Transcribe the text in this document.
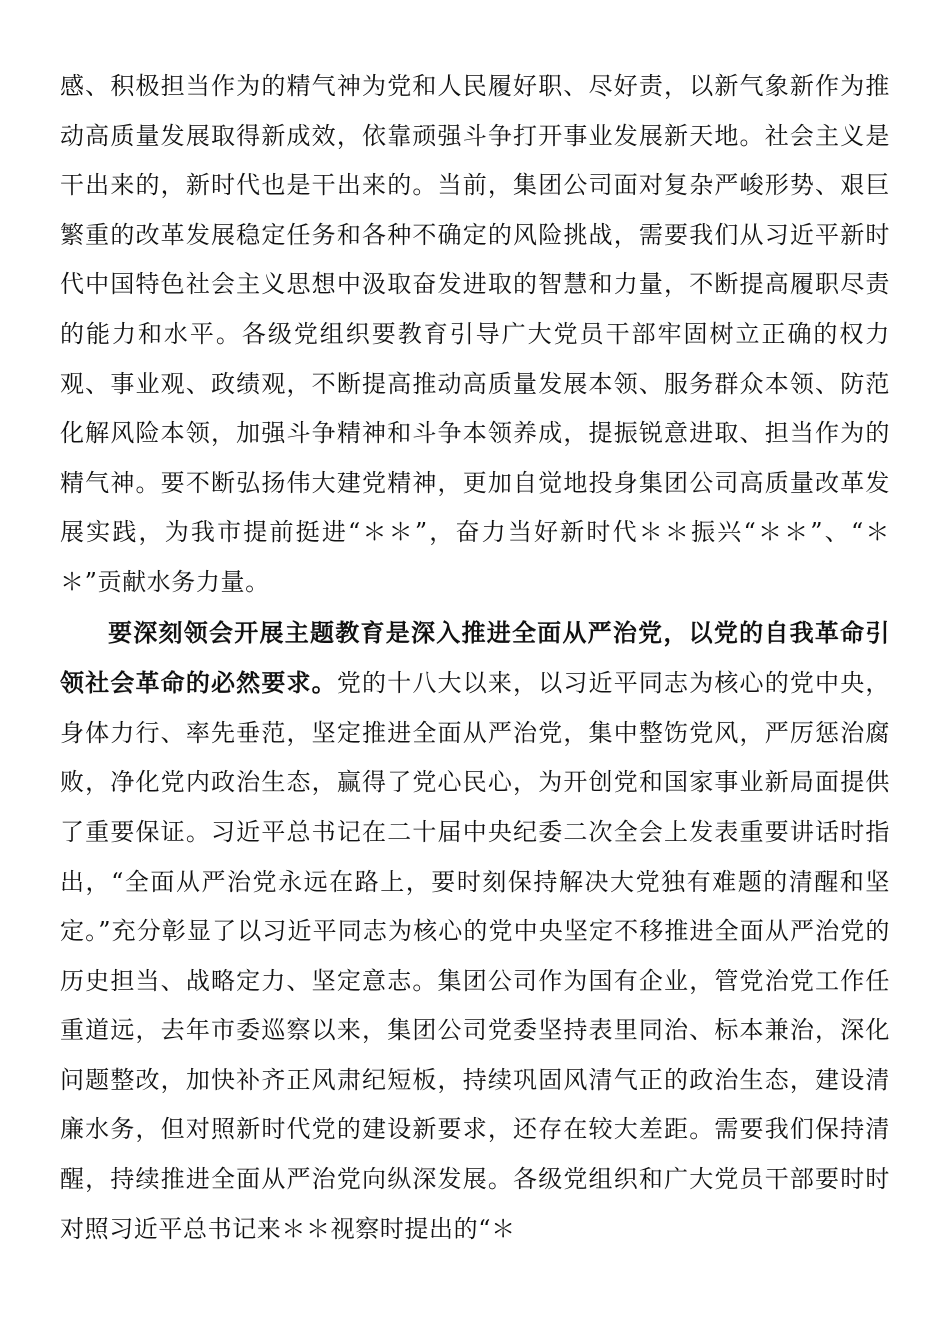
感、积极担当作为的精气神为党和人民履好职、尽好责，以新气象新作为推动高质量发展取得新成效，依靠顽强斗争打开事业发展新天地。社会主义是干出来的，新时代也是干出来的。当前，集团公司面对复杂严峻形势、艰巨繁重的改革发展稳定任务和各种不确定的风险挑战，需要我们从习近平新时代中国特色社会主义思想中汲取奋发进取的智慧和力量，不断提高履职尽责的能力和水平。各级党组织要教育引导广大党员干部牢固树立正确的权力观、事业观、政绩观，不断提高推动高质量发展本领、服务群众本领、防范化解风险本领，加强斗争精神和斗争本领养成，提振锐意进取、担当作为的精气神。要不断弘扬伟大建党精神，更加自觉地投身集团公司高质量改革发展实践，为我市提前挺进“＊＊”，奋力当好新时代＊＊振兴“＊＊”、“＊＊”贡献水务力量。

要深刻领会开展主题教育是深入推进全面从严治党，以党的自我革命引领社会革命的必然要求。党的十八大以来，以习近平同志为核心的党中央，身体力行、率先垂范，坚定推进全面从严治党，集中整饬党风，严厉惩治腐败，净化党内政治生态，赢得了党心民心，为开创党和国家事业新局面提供了重要保证。习近平总书记在二十届中央纪委二次全会上发表重要讲话时指出，“全面从严治党永远在路上，要时刻保持解决大党独有难题的清醒和坚定。”充分彰显了以习近平同志为核心的党中央坚定不移推进全面从严治党的历史担当、战略定力、坚定意志。集团公司作为国有企业，管党治党工作任重道远，去年市委巡察以来，集团公司党委坚持表里同治、标本兼治，深化问题整改，加快补齐正风肃纪短板，持续巩固风清气正的政治生态，建设清廉水务，但对照新时代党的建设新要求，还存在较大差距。需要我们保持清醒，持续推进全面从严治党向纵深发展。各级党组织和广大党员干部要时时对照习近平总书记来＊＊视察时提出的“＊
